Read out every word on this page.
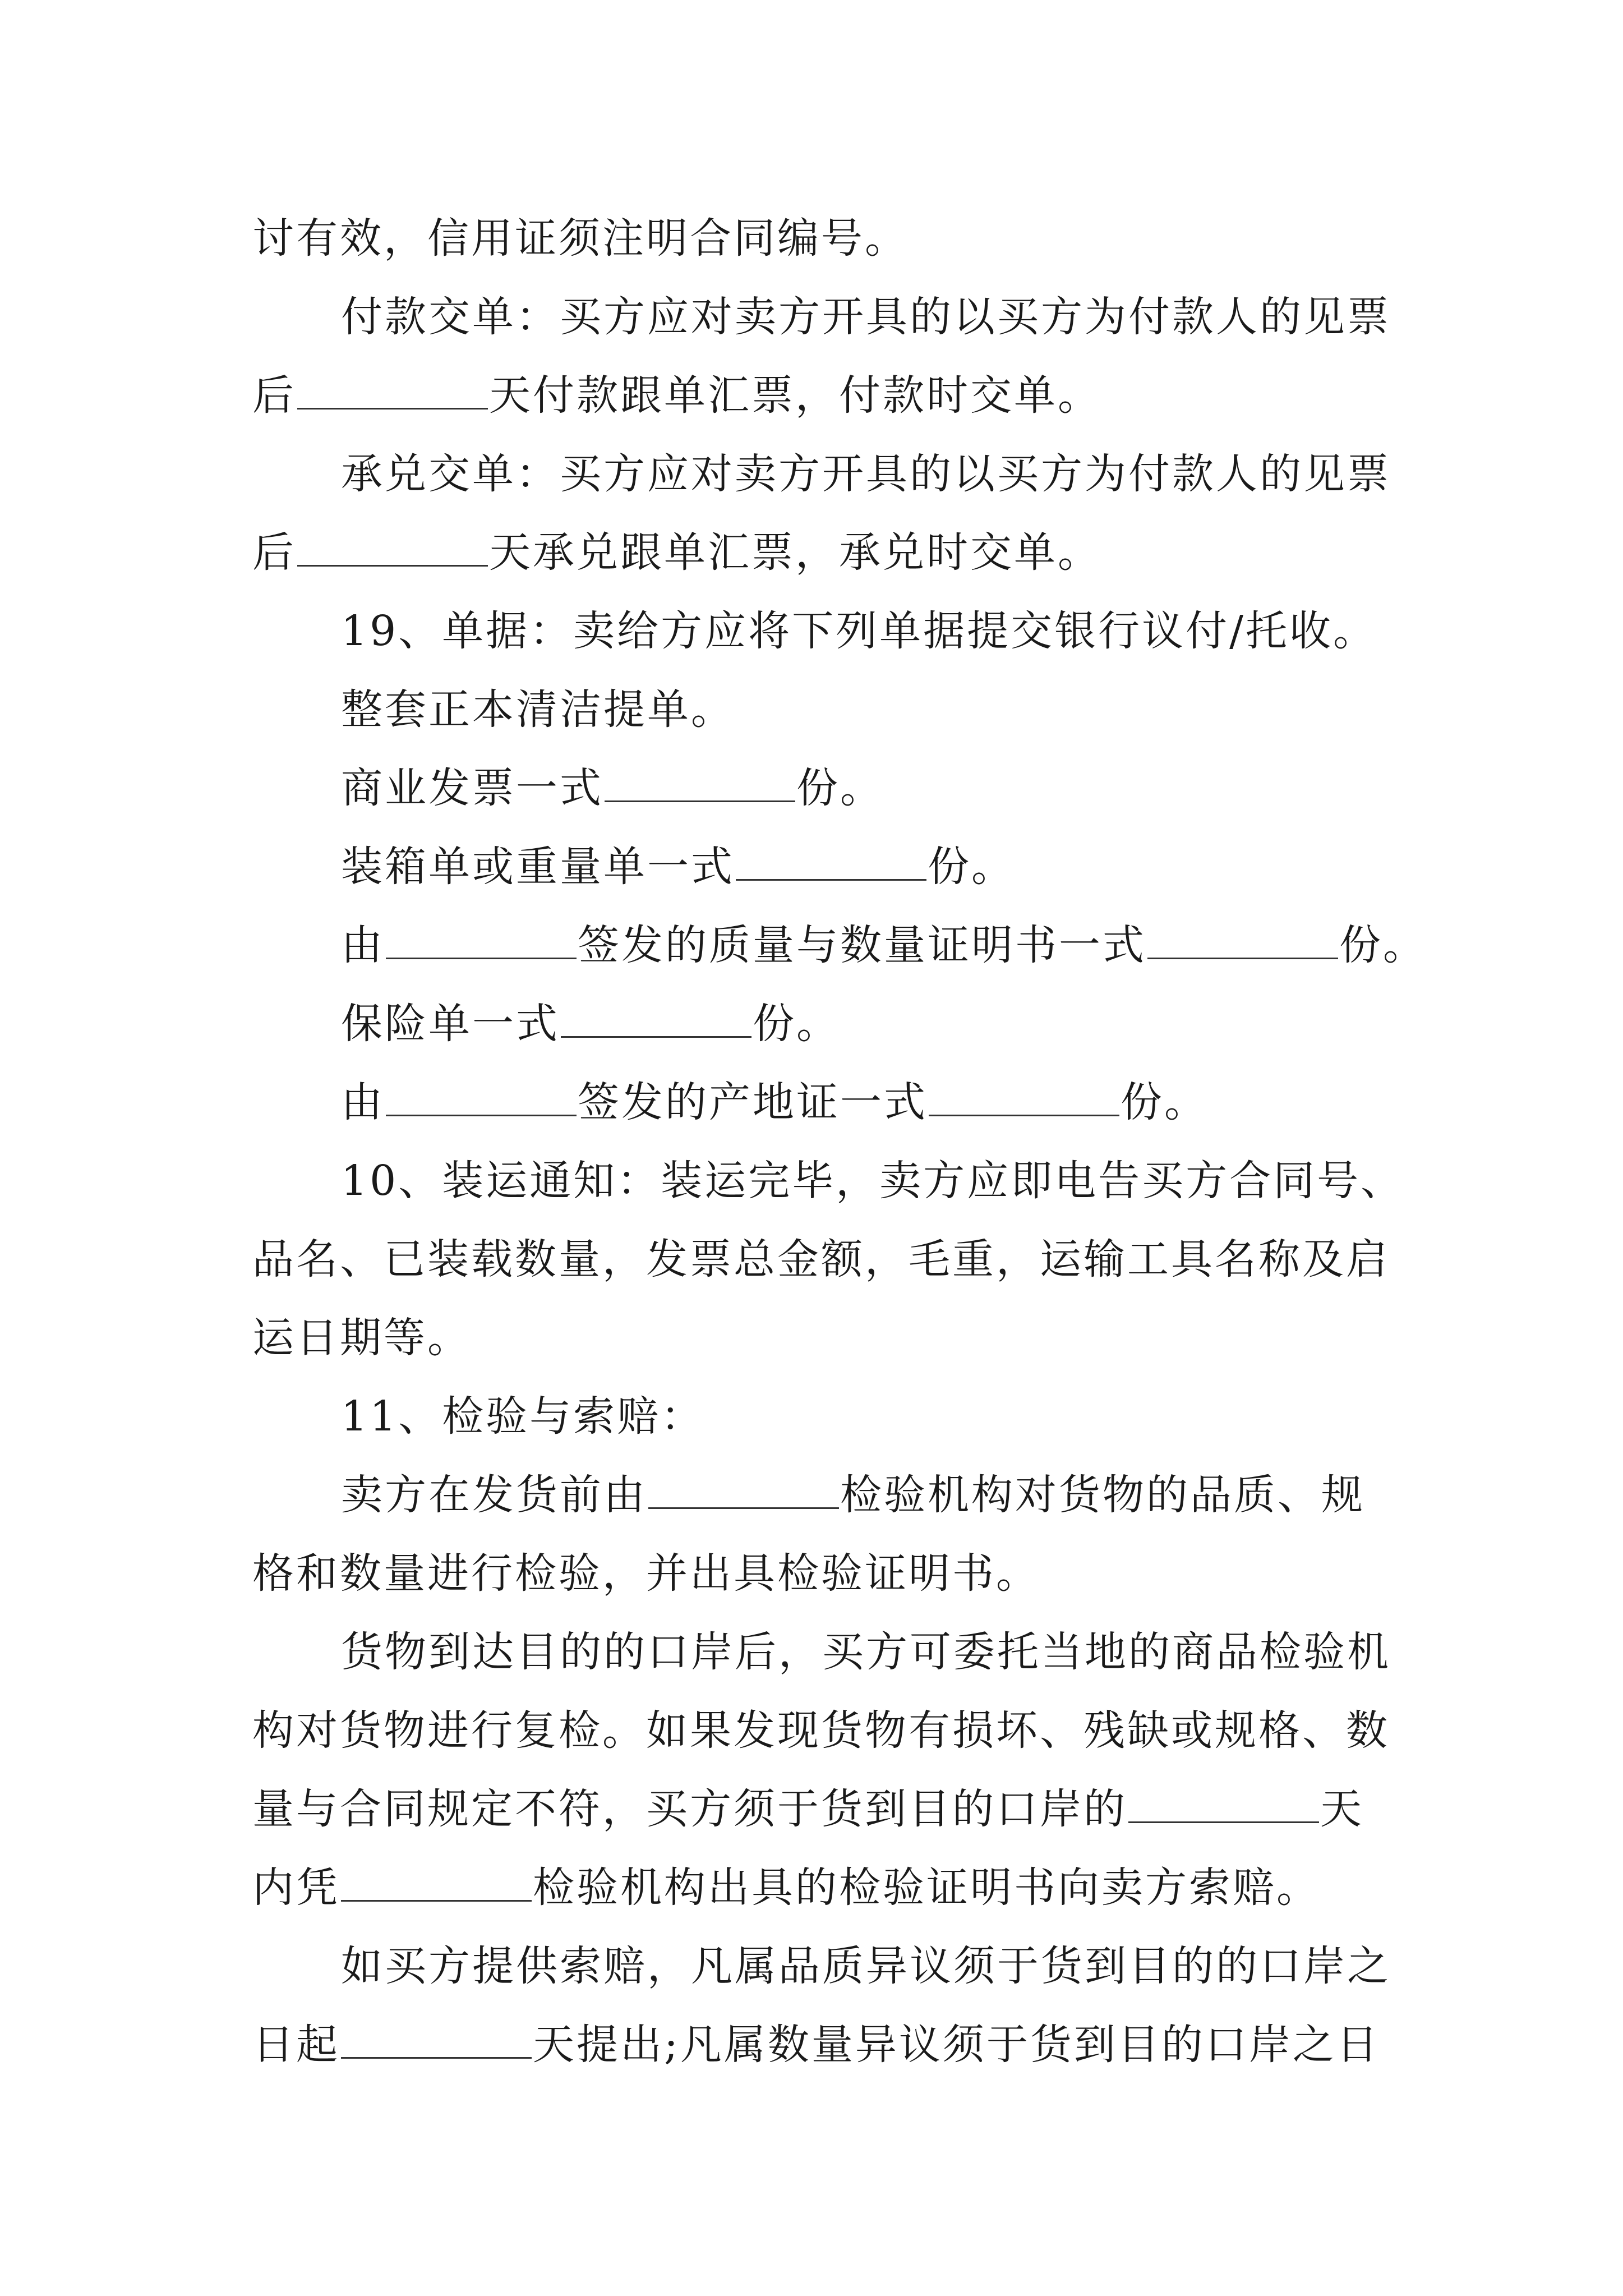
讨有效，信用证须注明合同编号。
付款交单：买方应对卖方开具的以买方为付款人的见票
后	天付款跟单汇票，付款时交单。
承兑交单：买方应对卖方开具的以买方为付款人的见票
后	天承兑跟单汇票，承兑时交单。
19、单据：卖给方应将下列单据提交银行议付/托收。
整套正本清洁提单。
商业发票一式	份。
装箱单或重量单一式	份。
由	签发的质量与数量证明书一式	份。
保险单一式	份。
由	签发的产地证一式	份。
10、装运通知：装运完毕，卖方应即电告买方合同号、
品名、已装载数量，发票总金额，毛重，运输工具名称及启
运日期等。
11、检验与索赔：
卖方在发货前由	检验机构对货物的品质、规
格和数量进行检验，并出具检验证明书。
货物到达目的的口岸后，买方可委托当地的商品检验机
构对货物进行复检。如果发现货物有损坏、残缺或规格、数
量与合同规定不符，买方须于货到目的口岸的	天
内凭	检验机构出具的检验证明书向卖方索赔。
如买方提供索赔，凡属品质异议须于货到目的的口岸之
日起	天提出;凡属数量异议须于货到目的口岸之日
